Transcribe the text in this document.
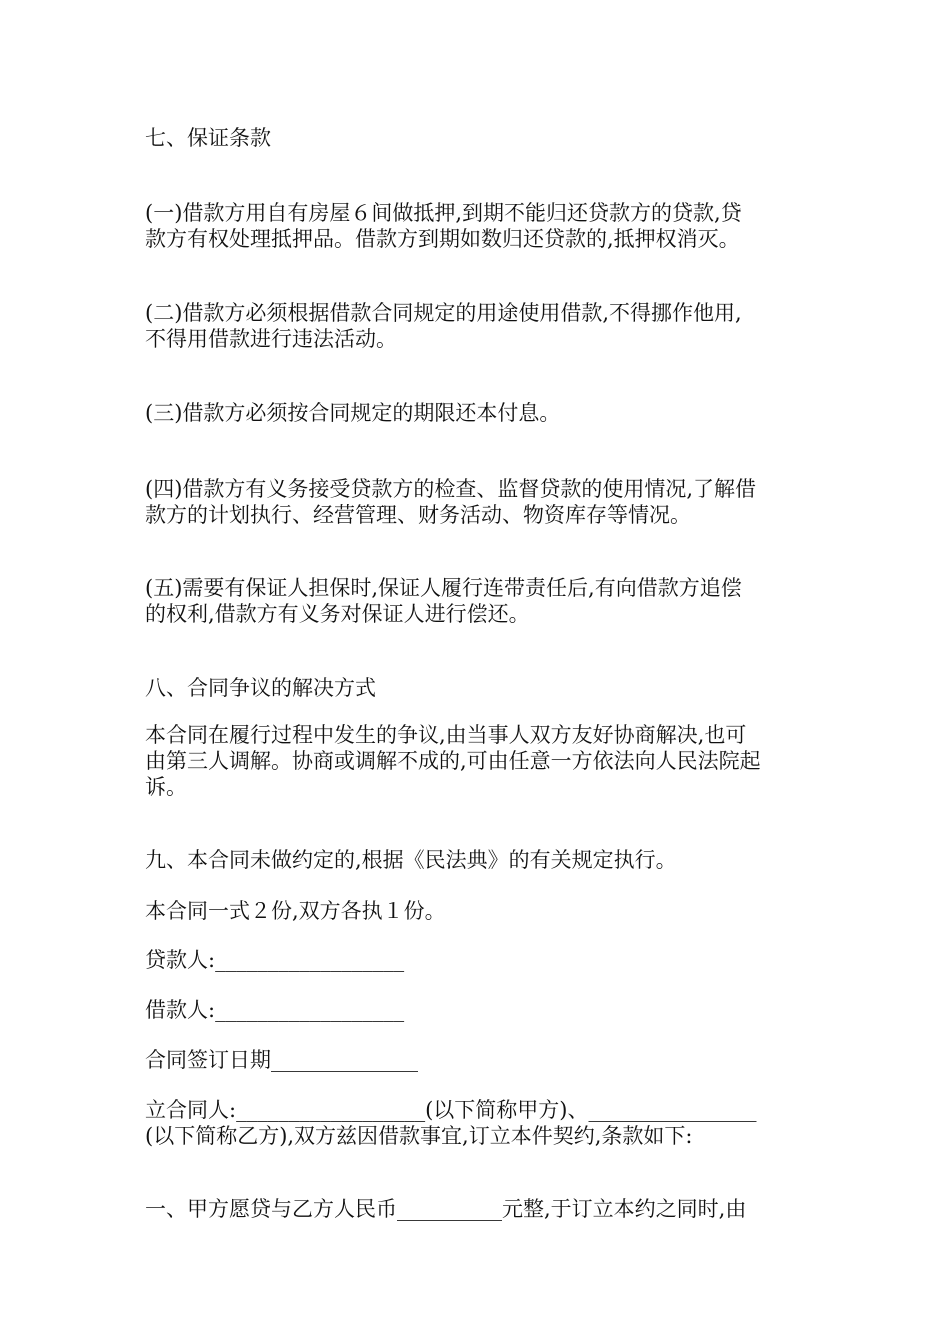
七、保证条款

(一)借款方用自有房屋６间做抵押,到期不能归还贷款方的贷款,贷
款方有权处理抵押品。借款方到期如数归还贷款的,抵押权消灭。

(二)借款方必须根据借款合同规定的用途使用借款,不得挪作他用,
不得用借款进行违法活动。

(三)借款方必须按合同规定的期限还本付息。

(四)借款方有义务接受贷款方的检查、监督贷款的使用情况,了解借
款方的计划执行、经营管理、财务活动、物资库存等情况。

(五)需要有保证人担保时,保证人履行连带责任后,有向借款方追偿
的权利,借款方有义务对保证人进行偿还。

八、合同争议的解决方式

本合同在履行过程中发生的争议,由当事人双方友好协商解决,也可
由第三人调解。协商或调解不成的,可由任意一方依法向人民法院起
诉。

九、本合同未做约定的,根据《民法典》的有关规定执行。

本合同一式２份,双方各执１份。

贷款人:__________________

借款人:__________________

合同签订日期______________

立合同人:__________________(以下简称甲方)、________________
(以下简称乙方),双方兹因借款事宜,订立本件契约,条款如下:

一、甲方愿贷与乙方人民币__________元整,于订立本约之同时,由
